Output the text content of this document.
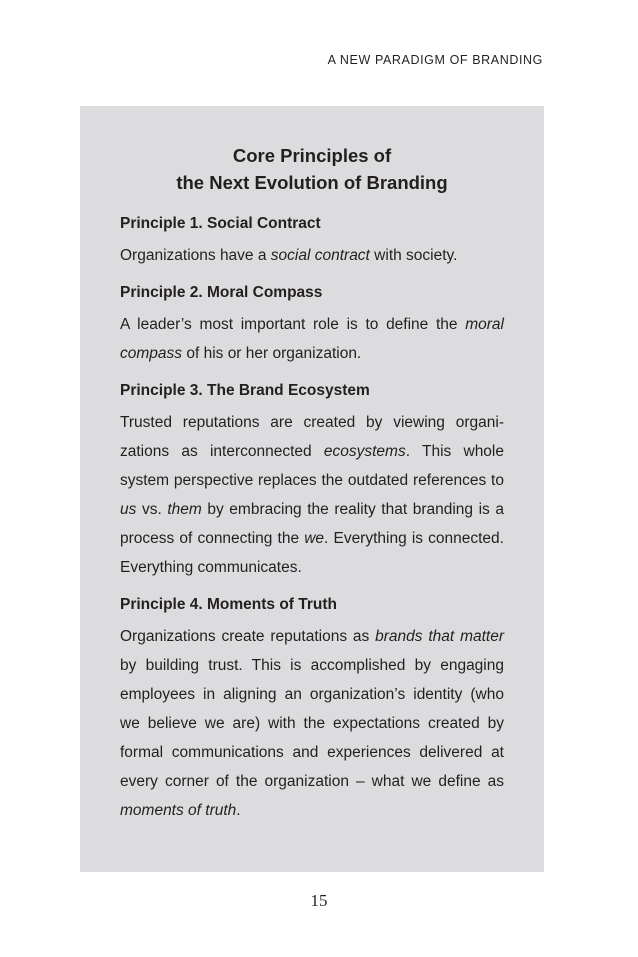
A NEW PARADIGM OF BRANDING
Core Principles of
the Next Evolution of Branding
Principle 1. Social Contract
Organizations have a social contract with society.
Principle 2. Moral Compass
A leader’s most important role is to define the moral compass of his or her organization.
Principle 3. The Brand Ecosystem
Trusted reputations are created by viewing organizations as interconnected ecosystems. This whole system perspective replaces the outdated references to us vs. them by embracing the reality that branding is a process of connecting the we. Everything is connected. Everything communicates.
Principle 4. Moments of Truth
Organizations create reputations as brands that matter by building trust. This is accomplished by engaging employees in aligning an organization’s identity (who we believe we are) with the expectations created by formal communications and experiences delivered at every corner of the organization – what we define as moments of truth.
15
